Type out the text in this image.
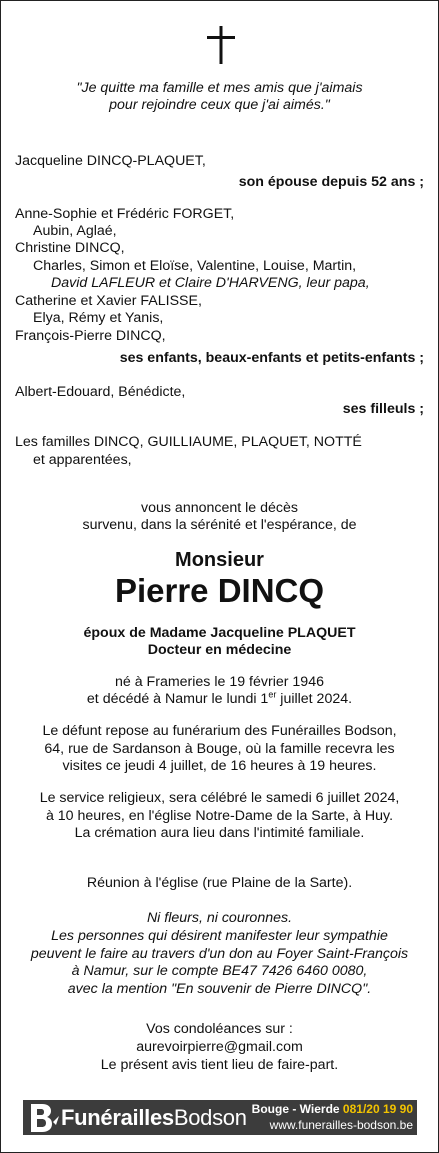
"Je quitte ma famille et mes amis que j'aimais
pour rejoindre ceux que j'ai aimés."
Jacqueline DINCQ-PLAQUET,
son épouse depuis 52 ans ;
Anne-Sophie et Frédéric FORGET,
Aubin, Aglaé,
Christine DINCQ,
Charles, Simon et Eloïse, Valentine, Louise, Martin,
David LAFLEUR et Claire D'HARVENG, leur papa,
Catherine et Xavier FALISSE,
Elya, Rémy et Yanis,
François-Pierre DINCQ,
ses enfants, beaux-enfants et petits-enfants ;
Albert-Edouard, Bénédicte,
ses filleuls ;
Les familles DINCQ, GUILLIAUME, PLAQUET, NOTTÉ
et apparentées,
vous annoncent le décès
survenu, dans la sérénité et l'espérance, de
Monsieur
Pierre DINCQ
époux de Madame Jacqueline PLAQUET
Docteur en médecine
né à Frameries le 19 février 1946
et décédé à Namur le lundi 1er juillet 2024.
Le défunt repose au funérarium des Funérailles Bodson,
64, rue de Sardanson à Bouge, où la famille recevra les
visites ce jeudi 4 juillet, de 16 heures à 19 heures.
Le service religieux, sera célébré le samedi 6 juillet 2024,
à 10 heures, en l'église Notre-Dame de la Sarte, à Huy.
La crémation aura lieu dans l'intimité familiale.
Réunion à l'église (rue Plaine de la Sarte).
Ni fleurs, ni couronnes.
Les personnes qui désirent manifester leur sympathie
peuvent le faire au travers d'un don au Foyer Saint-François
à Namur, sur le compte BE47 7426 6460 0080,
avec la mention "En souvenir de Pierre DINCQ".
Vos condoléances sur :
aurevoirpierre@gmail.com
Le présent avis tient lieu de faire-part.
FunéraillesBodson Bouge - Wierde 081/20 19 90
www.funerailles-bodson.be
